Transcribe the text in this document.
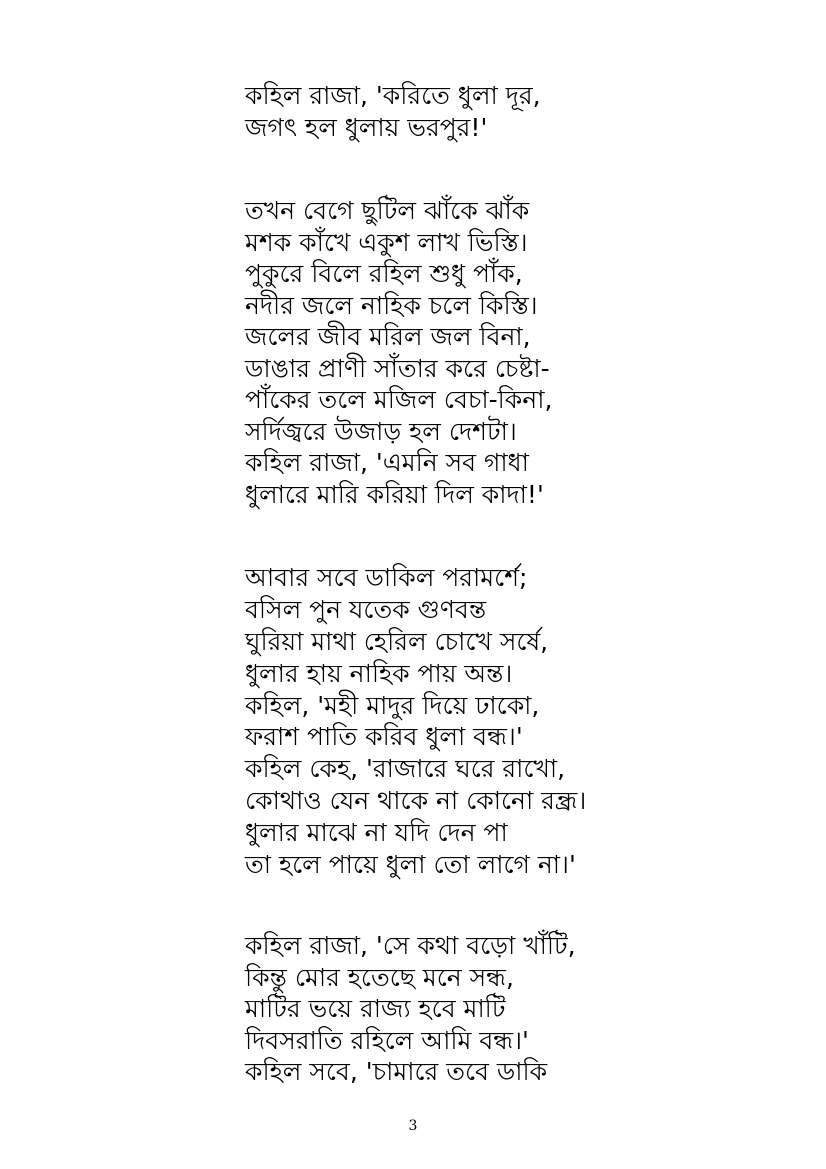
কহিল রাজা, 'করিতে ধুলা দূর,
জগৎ হল ধুলায় ভরপুর!'
তখন বেগে ছুটিল ঝাঁকে ঝাঁক
মশক কাঁখে একুশ লাখ ভিস্তি।
পুকুরে বিলে রহিল শুধু পাঁক,
নদীর জলে নাহিক চলে কিস্তি।
জলের জীব মরিল জল বিনা,
ডাঙার প্রাণী সাঁতার করে চেষ্টা-
পাঁকের তলে মজিল বেচা-কিনা,
সর্দিজ্বরে উজাড় হল দেশটা।
কহিল রাজা, 'এমনি সব গাধা
ধুলারে মারি করিয়া দিল কাদা!'
আবার সবে ডাকিল পরামর্শে;
বসিল পুন যতেক গুণবন্ত
ঘুরিয়া মাথা হেরিল চোখে সর্ষে,
ধুলার হায় নাহিক পায় অন্ত।
কহিল, 'মহী মাদুর দিয়ে ঢাকো,
ফরাশ পাতি করিব ধুলা বন্ধ।'
কহিল কেহ, 'রাজারে ঘরে রাখো,
কোথাও যেন থাকে না কোনো রন্ধ্র।
ধুলার মাঝে না যদি দেন পা
তা হলে পায়ে ধুলা তো লাগে না।'
কহিল রাজা, 'সে কথা বড়ো খাঁটি,
কিন্তু মোর হতেছে মনে সন্ধ,
মাটির ভয়ে রাজ্য হবে মাটি
দিবসরাতি রহিলে আমি বন্ধ।'
কহিল সবে, 'চামারে তবে ডাকি
3
